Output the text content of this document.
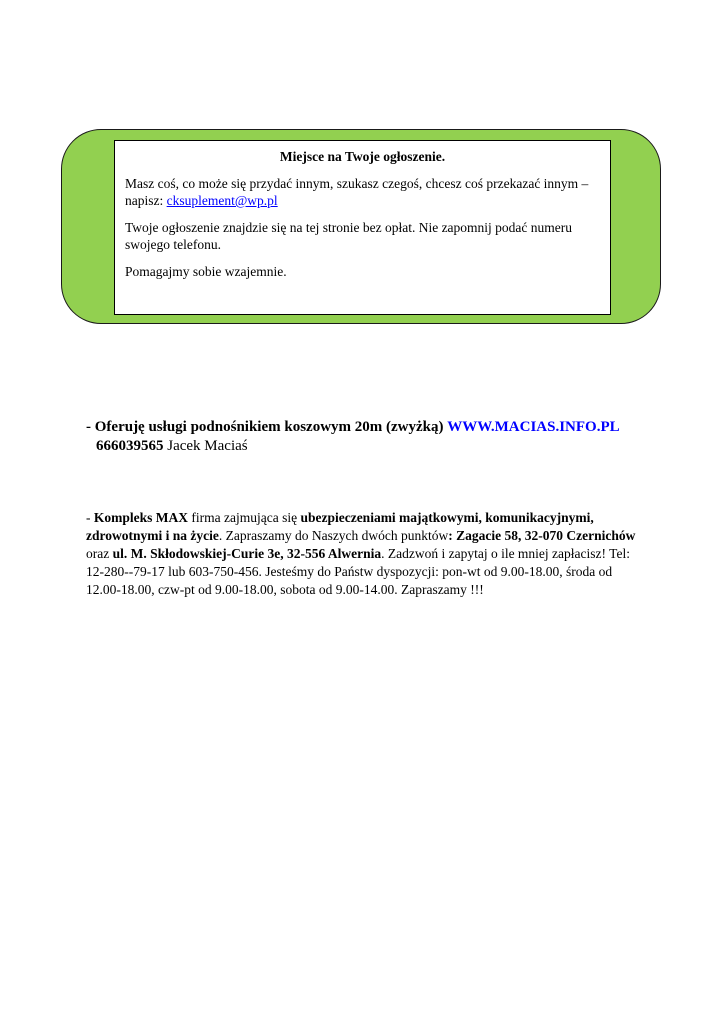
Miejsce na Twoje ogłoszenie.

Masz coś, co może się przydać innym, szukasz czegoś, chcesz coś przekazać innym – napisz: cksuplement@wp.pl

Twoje ogłoszenie znajdzie się na tej stronie bez opłat. Nie zapomnij podać numeru swojego telefonu.

Pomagajmy sobie wzajemnie.

- Oferuję usługi podnośnikiem koszowym 20m (zwyżką) WWW.MACIAS.INFO.PL
666039565 Jacek Maciaś
- Kompleks MAX firma zajmująca się ubezpieczeniami majątkowymi, komunikacyjnymi, zdrowotnymi i na życie. Zapraszamy do Naszych dwóch punktów: Zagacie 58, 32-070 Czernichów oraz ul. M. Skłodowskiej-Curie 3e, 32-556 Alwernia. Zadzwoń i zapytaj o ile mniej zapłacisz! Tel: 12-280--79-17 lub 603-750-456. Jesteśmy do Państw dyspozycji: pon-wt od 9.00-18.00, środa od 12.00-18.00, czw-pt od 9.00-18.00, sobota od 9.00-14.00. Zapraszamy !!!
